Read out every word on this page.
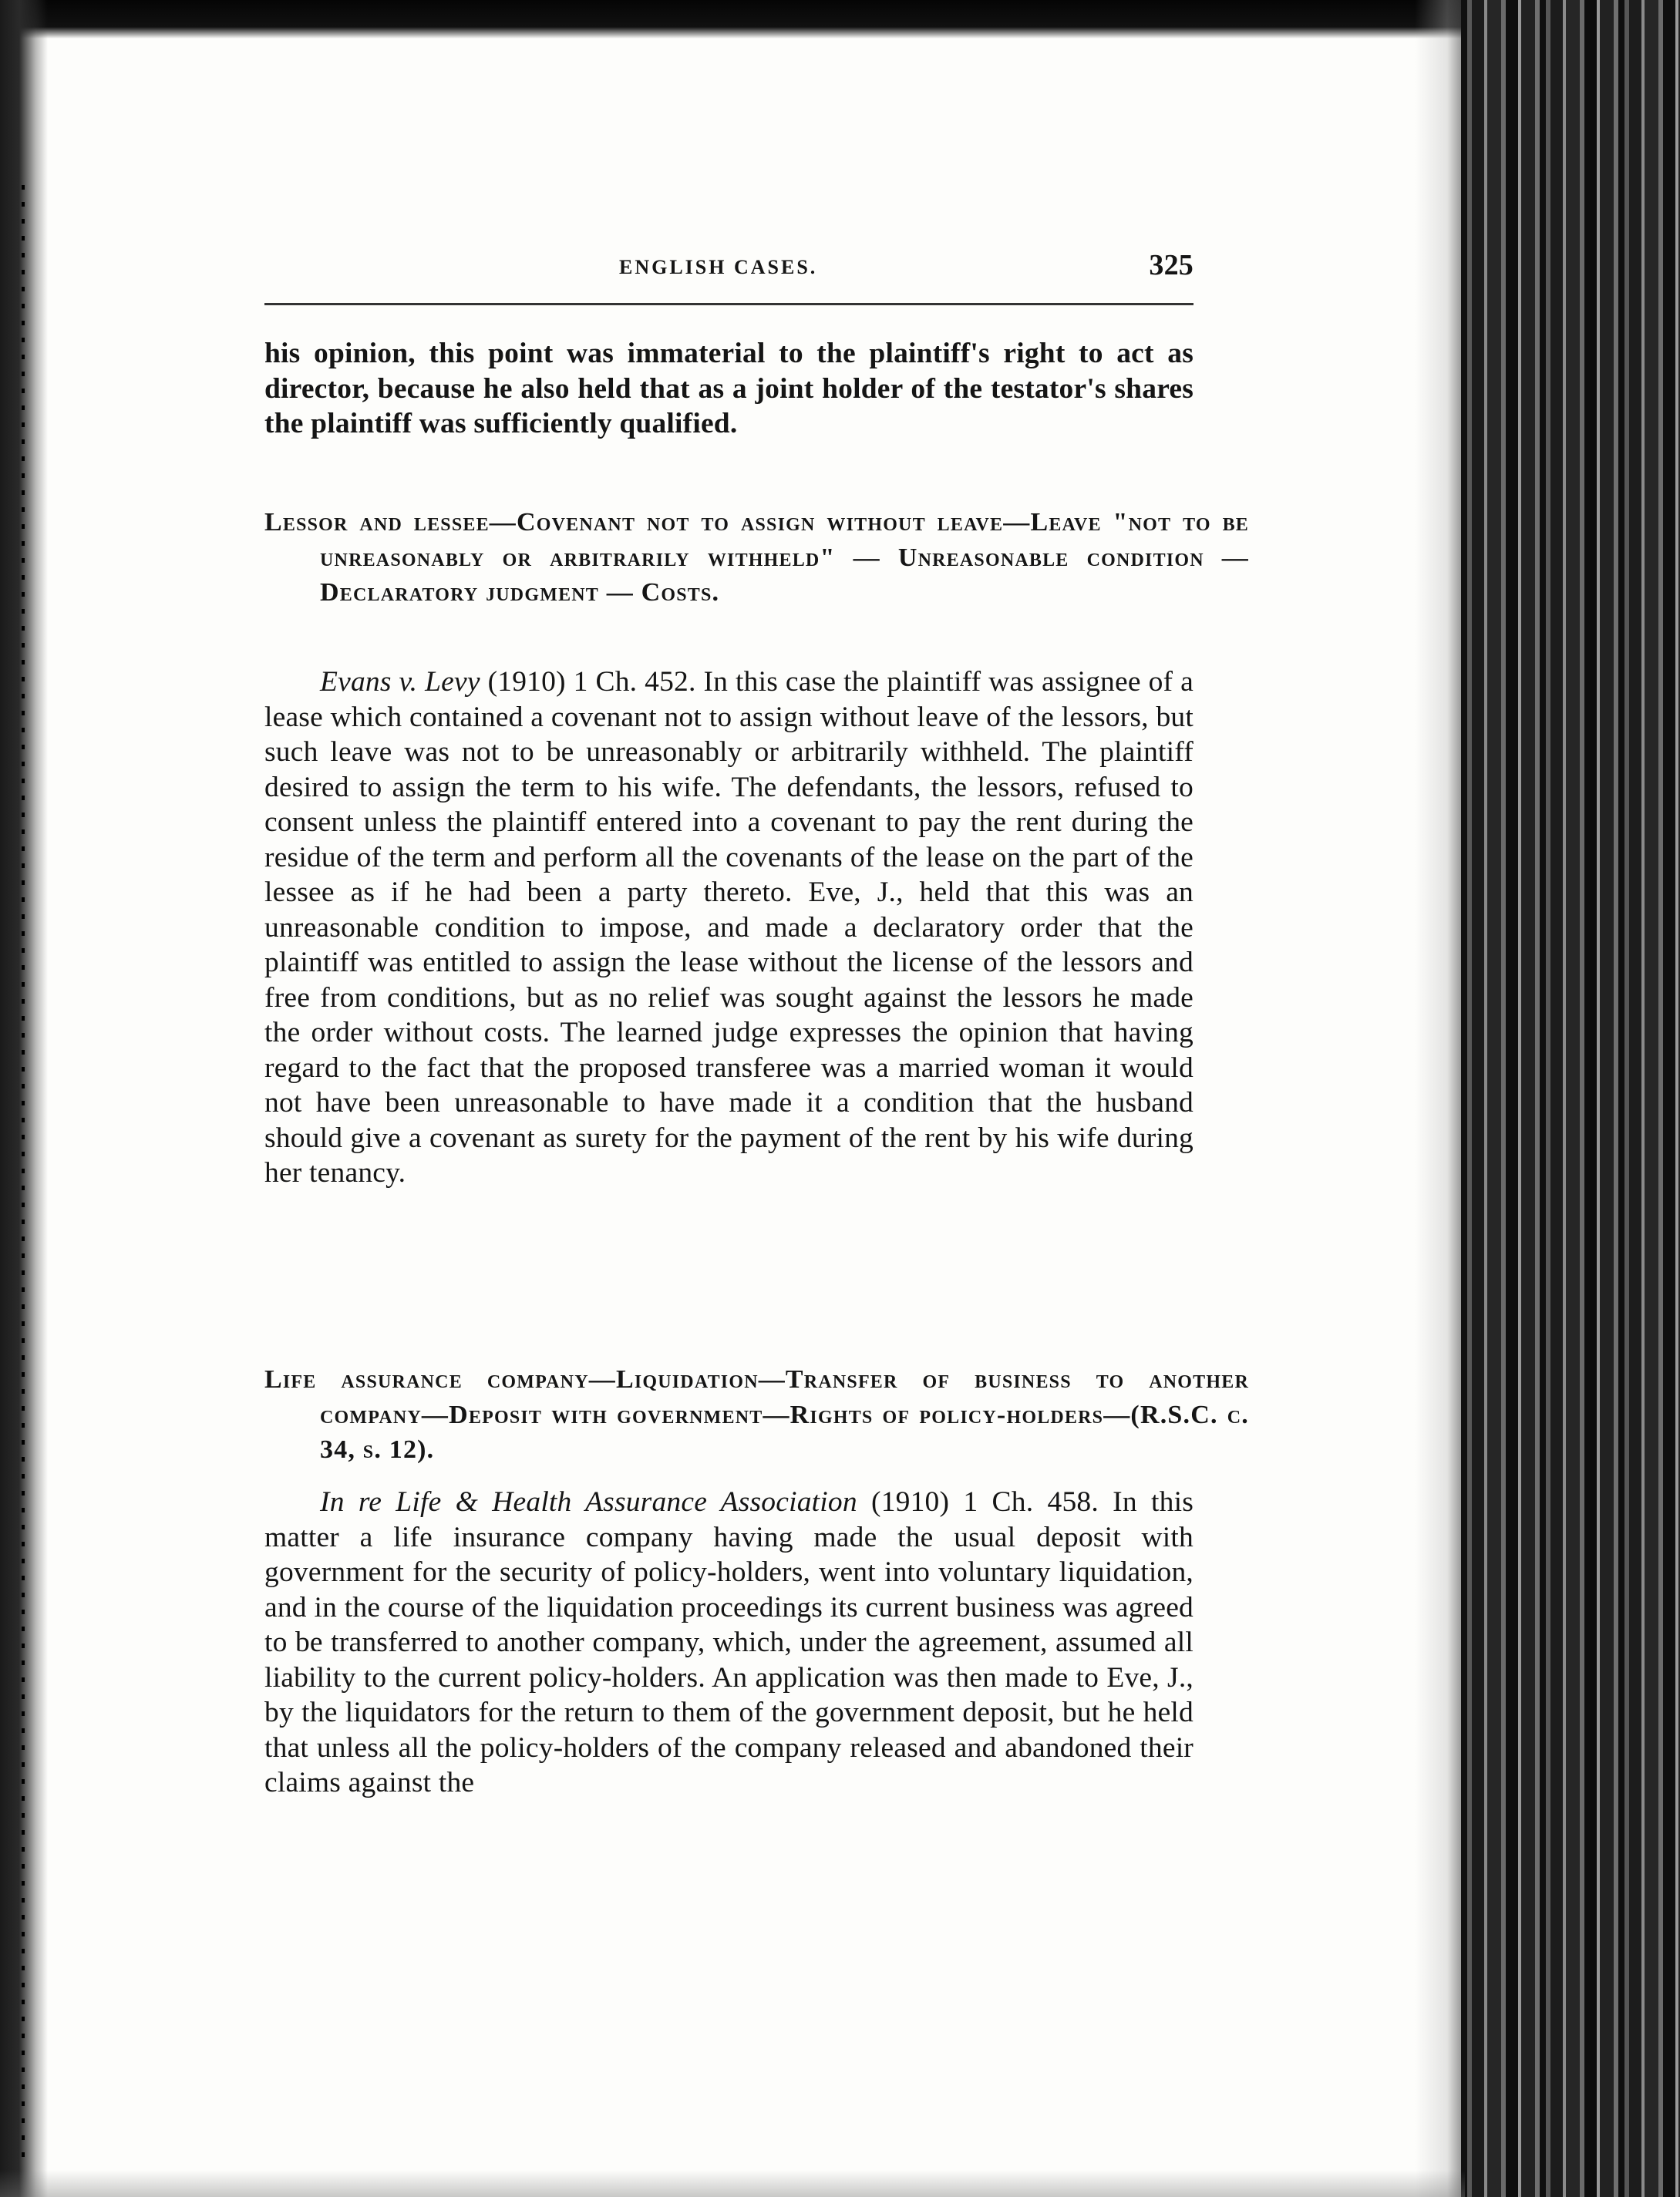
ENGLISH CASES.	325

his opinion, this point was immaterial to the plaintiff's right to act as director, because he also held that as a joint holder of the testator's shares the plaintiff was sufficiently qualified.

Lessor and lessee—Covenant not to assign without leave—Leave "not to be unreasonably or arbitrarily withheld" — Unreasonable condition — Declaratory judgment — Costs.

Evans v. Levy (1910) 1 Ch. 452. In this case the plaintiff was assignee of a lease which contained a covenant not to assign without leave of the lessors, but such leave was not to be unreasonably or arbitrarily withheld. The plaintiff desired to assign the term to his wife. The defendants, the lessors, refused to consent unless the plaintiff entered into a covenant to pay the rent during the residue of the term and perform all the covenants of the lease on the part of the lessee as if he had been a party thereto. Eve, J., held that this was an unreasonable condition to impose, and made a declaratory order that the plaintiff was entitled to assign the lease without the license of the lessors and free from conditions, but as no relief was sought against the lessors he made the order without costs. The learned judge expresses the opinion that having regard to the fact that the proposed transferee was a married woman it would not have been unreasonable to have made it a condition that the husband should give a covenant as surety for the payment of the rent by his wife during her tenancy.

Life assurance company—Liquidation—Transfer of business to another company—Deposit with government—Rights of policy-holders—(R.S.C. c. 34, s. 12).

In re Life & Health Assurance Association (1910) 1 Ch. 458. In this matter a life insurance company having made the usual deposit with government for the security of policy-holders, went into voluntary liquidation, and in the course of the liquidation proceedings its current business was agreed to be transferred to another company, which, under the agreement, assumed all liability to the current policy-holders. An application was then made to Eve, J., by the liquidators for the return to them of the government deposit, but he held that unless all the policy-holders of the company released and abandoned their claims against the
